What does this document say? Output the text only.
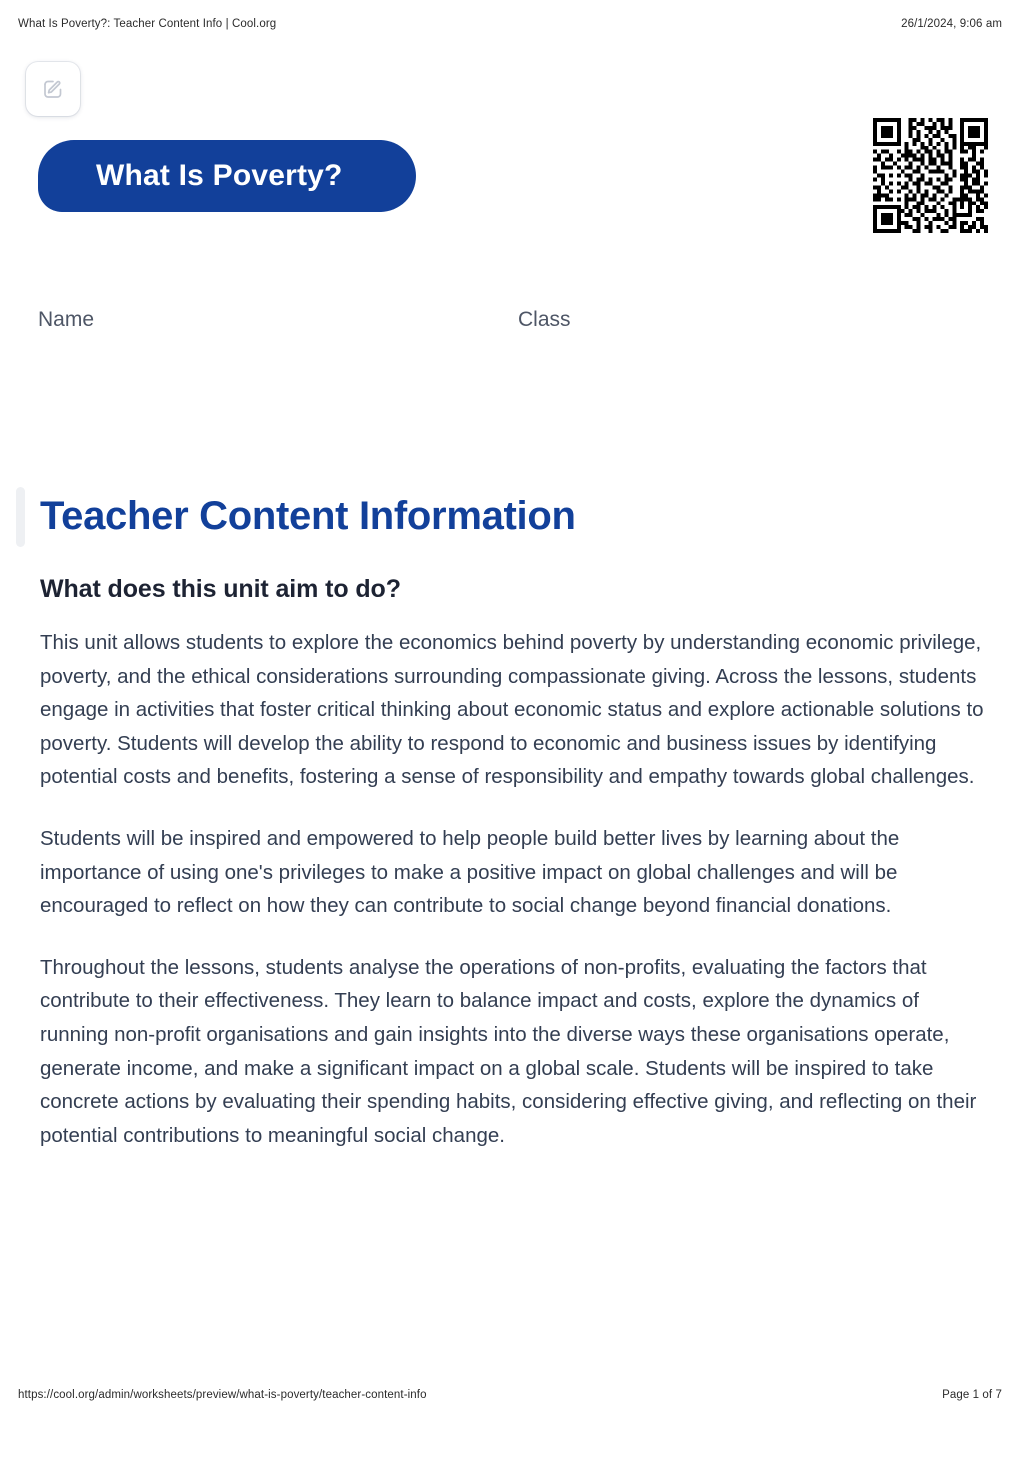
What Is Poverty?: Teacher Content Info | Cool.org	26/1/2024, 9:06 am
What Is Poverty?
Name	Class
Teacher Content Information
What does this unit aim to do?

This unit allows students to explore the economics behind poverty by understanding economic privilege, poverty, and the ethical considerations surrounding compassionate giving. Across the lessons, students engage in activities that foster critical thinking about economic status and explore actionable solutions to poverty. Students will develop the ability to respond to economic and business issues by identifying potential costs and benefits, fostering a sense of responsibility and empathy towards global challenges.

Students will be inspired and empowered to help people build better lives by learning about the importance of using one's privileges to make a positive impact on global challenges and will be encouraged to reflect on how they can contribute to social change beyond financial donations.

Throughout the lessons, students analyse the operations of non-profits, evaluating the factors that contribute to their effectiveness. They learn to balance impact and costs, explore the dynamics of running non-profit organisations and gain insights into the diverse ways these organisations operate, generate income, and make a significant impact on a global scale. Students will be inspired to take concrete actions by evaluating their spending habits, considering effective giving, and reflecting on their potential contributions to meaningful social change.

https://cool.org/admin/worksheets/preview/what-is-poverty/teacher-content-info	Page 1 of 7
